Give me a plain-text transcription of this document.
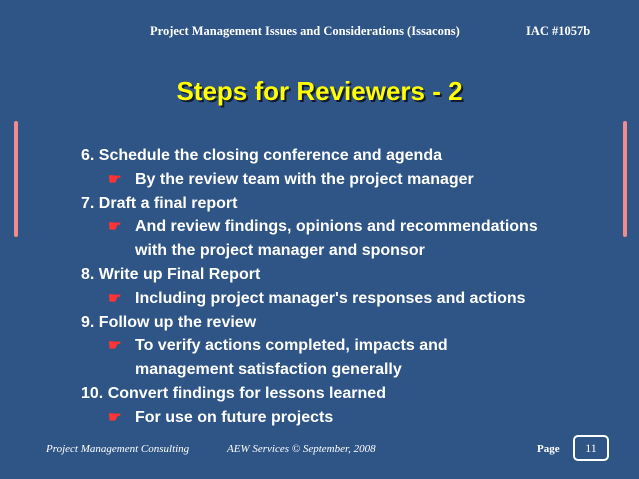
Project Management Issues and Considerations (Issacons)	IAC #1057b
Steps for Reviewers - 2
6. Schedule the closing conference and agenda
☛ By the review team with the project manager
7. Draft a final report
☛ And review findings, opinions and recommendations
with the project manager and sponsor
8. Write up Final Report
☛ Including project manager's responses and actions
9. Follow up the review
☛ To verify actions completed, impacts and
management satisfaction generally
10. Convert findings for lessons learned
☛ For use on future projects
Project Management Consulting	AEW Services © September, 2008	Page	11
